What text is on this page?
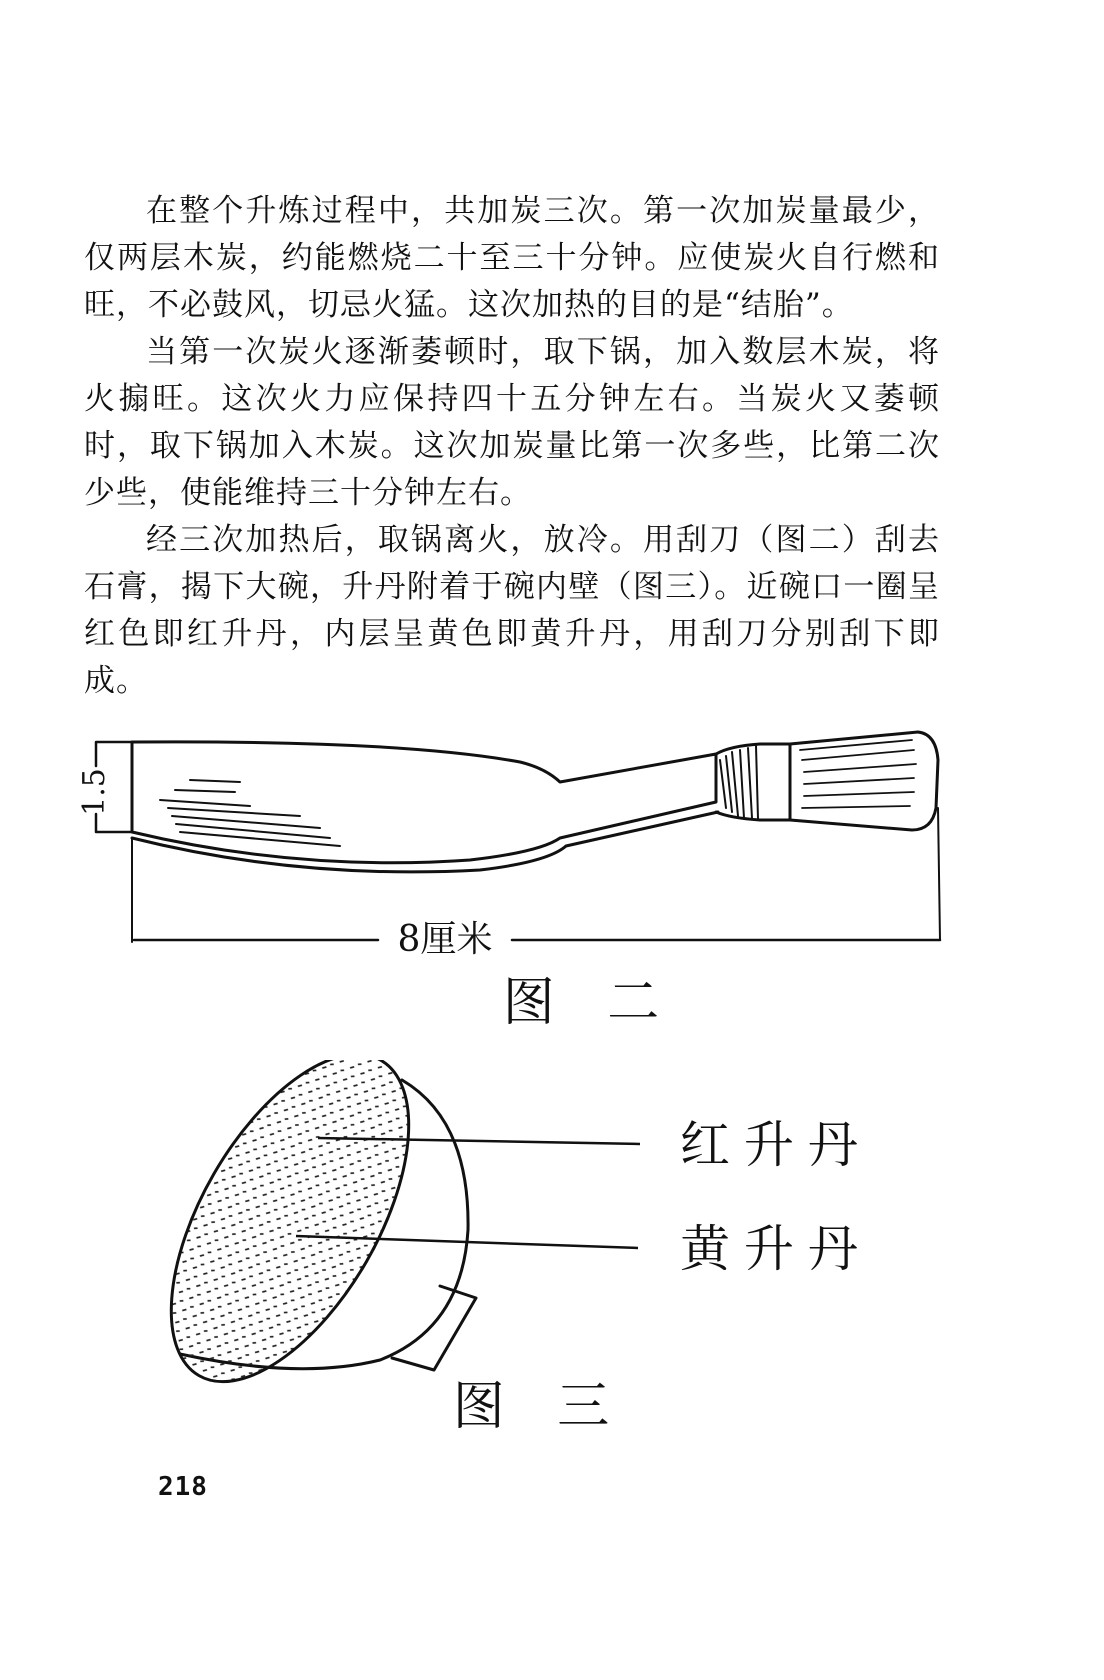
在整个升炼过程中，共加炭三次。第一次加炭量最少，仅两层木炭，约能燃烧二十至三十分钟。应使炭火自行燃和旺，不必鼓风，切忌火猛。这次加热的目的是“结胎”。

当第一次炭火逐渐萎顿时，取下锅，加入数层木炭，将火搧旺。这次火力应保持四十五分钟左右。当炭火又萎顿时，取下锅加入木炭。这次加炭量比第一次多些，比第二次少些，使能维持三十分钟左右。

经三次加热后，取锅离火，放冷。用刮刀（图二）刮去石膏，揭下大碗，升丹附着于碗内壁（图三）。近碗口一圈呈红色即红升丹，内层呈黄色即黄升丹，用刮刀分别刮下即成。

1.5
8厘米
图 二
红升丹
黄升丹
图 三
218
